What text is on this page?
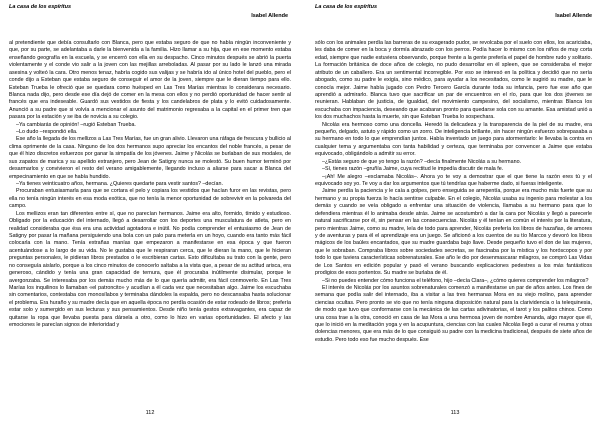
La casa de los espíritus
Isabel Allende

al pretendiente que debía consultarlo con Blanca, pero que estaba seguro de que no había ningún inconveniente y que, por su parte, se adelantaba a darle la bienvenida a la familia. Hizo llamar a su hija, que en ese momento estaba enseñando geografía en la escuela, y se encerró con ella en su despacho. Cinco minutos después se abrió la puerta violentamente y el conde vio salir a la joven con las mejillas arreboladas. Al pasar por su lado le lanzó una mirada asesina y volteó la cara. Otro menos tenaz, habría cogido sus valijas y se habría ido al único hotel del pueblo, pero el conde dijo a Esteban que estaba seguro de conseguir el amor de la joven, siempre que le dieran tiempo para ello. Esteban Trueba le ofreció que se quedara como huésped en Las Tres Marías mientras lo considerara necesario. Blanca nada dijo, pero desde ese día dejó de comer en la mesa con ellos y no perdió oportunidad de hacer sentir al francés que era indeseable. Guardó sus vestidos de fiesta y los candelabros de plata y lo evitó cuidadosamente. Anunció a su padre que si volvía a mencionar el asunto del matrimonio regresaba a la capital en el primer tren que pasara por la estación y se iba de novicia a su colegio.

–Ya cambiarás de opinión! –rugió Esteban Trueba.

–Lo dudo –respondió ella.

Ese año la llegada de los mellizos a Las Tres Marías, fue un gran alivio. Llevaron una ráfaga de frescura y bullicio al clima oprimente de la casa. Ninguno de los dos hermanos supo apreciar los encantos del noble francés, a pesar de que él hizo discretos esfuerzos por ganar la simpatía de los jóvenes. Jaime y Nicolás se burlaban de sus modales, de sus zapatos de marica y su apellido extranjero, pero Jean de Satigny nunca se molestó. Su buen humor terminó por desarmarlos y convivieron el resto del verano amigablemente, llegando incluso a aliarse para sacar a Blanca del empecinamiento en que se había hundido.

–Ya tienes veinticuatro años, hermana. ¿Quieres quedarte para vestir santos? –decían.

Procuraban entusiasmarla para que se cortara el pelo y copiara los vestidos que hacían furor en las revistas, pero ella no tenía ningún interés en esa moda exótica, que no tenía la menor oportunidad de sobrevivir en la polvareda del campo.

Los mellizos eran tan diferentes entre sí, que no parecían hermanos. Jaime era alto, formido, tímido y estudioso. Obligado por la educación del internado, llegó a desarrollar con los deportes una musculatura de atleta, pero en realidad consideraba que ésa era una actividad agotadora e inútil. No podía comprender el entusiasmo de Jean de Satigny por pasar la mañana persiguiendo una bola con un palo para meterla en un hoyo, cuando era tanto más fácil colocarla con la mano. Tenía extrañas manías que empezaron a manifestarse en esa época y que fueron acentuándose a lo largo de su vida. No le gustaba que le respiraran cerca, que le dieran la mano, que le hicieran preguntas personales, le pidieran libros prestados o le escribieran cartas. Esto dificultaba su trato con la gente, pero no conseguía aislarlo, porque a los cinco minutos de conocerlo saltaba a la vista que, a pesar de su actitud arisca, era generoso, cándido y tenía una gran capacidad de ternura, que él procuraba inútilmente disimular, porque le avergonzaba. Se interesaba por los demás mucho más de lo que quería admitir, era fácil conmoverlo. En Las Tres Marías los inquilinos lo llamaban «el patroncito» y acudían a él cada vez que necesitaban algo. Jaime los escuchaba sin comentarios, contestaba con monosílabos y terminaba dándoles la espalda, pero no descansaba hasta solucionar el problema. Era huraño y su madre decía que en aquella época no perdía ocasión de estar rodeado de libros; prefería estar solo y sumergido en sus lecturas y sus pensamientos. Desde niño tenía gestos extravagantes, era capaz de quitarse la ropa que llevaba puesta para dársela a otro, como lo hizo en varias oportunidades. El afecto y las emociones le parecían signos de inferioridad y

112
La casa de los espíritus
Isabel Allende

sólo con los animales perdía las barreras de su exagerado pudor, se revolcaba por el suelo con ellos, los acariciaba, les daba de comer en la boca y dormía abrazado con los perros. Podía hacer lo mismo con los niños de muy corta edad, siempre que nadie estuviera observando, porque frente a la gente prefería el papel de hombre rudo y solitario. La formación británica de doce años de colegio, no pudo desarrollar en él spleen, que se consideraba el mejor atributo de un caballero. Era un sentimental incorregible. Por eso se interesó en la política y decidió que no sería abogado, como su padre le exigía, sino médico, para ayudar a los necesitados, como le sugirió su madre, que le conocía mejor. Jaime había jugado con Pedro Tercero García durante toda su infancia, pero fue ese año que aprendió a admirarlo. Blanca tuvo que sacrificar un par de encuentros en el río, para que los dos jóvenes se reunieran. Hablaban de justicia, de igualdad, del movimiento campesino, del socialismo, mientras Blanca los escuchaba con impaciencia, deseando que acabaran pronto para quedarse sola con su amante. Esa amistad unió a los dos muchachos hasta la muerte, sin que Esteban Trueba lo sospechara.

Nicolás era hermoso como una doncella. Heredó la delicadeza y la transparencia de la piel de su madre, era pequeño, delgado, astuto y rápido como un zorro. De inteligencia brillante, sin hacer ningún esfuerzo sobrepasaba a su hermano en todo lo que emprendían juntos. Había inventado un juego para atormentarlo: le llevaba la contra en cualquier tema y argumentaba con tanta habilidad y certeza, que terminaba por convencer a Jaime que estaba equivocado, obligándolo a admitir su error.

–¿Estás seguro de que yo tengo la razón? –decía finalmente Nicolás a su hermano.

–Sí, tienes razón –gruñía Jaime, cuya rectitud le impedía discutir de mala fe.

–¡Ah! Me alegro –exclamaba Nicolás–. Ahora yo te voy a demostrar que el que tiene la razón eres tú y el equivocado soy yo. Te voy a dar los argumentos que tú tendrías que haberme dado, si fueras inteligente.

Jaime perdía la paciencia y le caía a golpes, pero enseguida se arrepentía, porque era mucho más fuerte que su hermano y su propia fuerza lo hacía sentirse culpable. En el colegio, Nicolás usaba su ingenio para molestar a los demás y cuando se veía obligado a enfrentar una situación de violencia, llamaba a su hermano para que lo defendiera mientras él lo animaba desde atrás. Jaime se acostumbró a dar la cara por Nicolás y llegó a parecerle natural sacrificarse por él, sin pensar en las consecuencias. Nicolás y él tenían en común el interés por la literatura, pero mientras Jaime, como su madre, leía de todo para aprender, Nicolás prefería los libros de hazañas, de amores y de aventuras y para él el aprendizaje era un juego. Se aficionó a los cuentos de su tío Marcos y devoró los libros mágicos de los baúles encantados, que su madre guardaba bajo llave. Desde pequeño tuvo el don de las mujeres, que le sobraban. Compraba libros sobre sociedades secretas, se fascinaba por la mística y los horóscopos y por todo lo que tuviera características sobrenaturales. Ese año le dio por desenmascarar milagros, se compró Las Vidas de Los Santos en edición popular y pasó el verano buscando explicaciones pedestres a los más fantásticos prodigios de esos portentos. Su madre se burlaba de él.

–Si no puedes entender cómo funciona el teléfono, hijo –decía Clara–, ¿cómo quieres comprender los milagros?

El interés de Nicolás por los asuntos sobrenaturales comenzó a manifestarse un par de años antes. Los fines de semana que podía salir del internado, iba a visitar a las tres hermanas Mora en su viejo molino, para aprender ciencias ocultas. Pero pronto se vio que no tenía ninguna disposición natural para la clarividencia o la telequinesia, de modo que tuvo que conformarse con la mecánica de las cartas adivinatorias, el tarot y los palitos chinos. Como una cosa trae a la otra, conoció en casa de las Mora a una hermosa joven de nombre Amanda, algo mayor que él, que lo inició en la meditación yoga y en la acupuntura, ciencias con las cuales Nicolás llegó a curar el reuma y otras dolencias menores, que era más de lo que consiguió su padre con la medicina tradicional, después de siete años de estudio. Pero todo eso fue mucho después. Ese

113
